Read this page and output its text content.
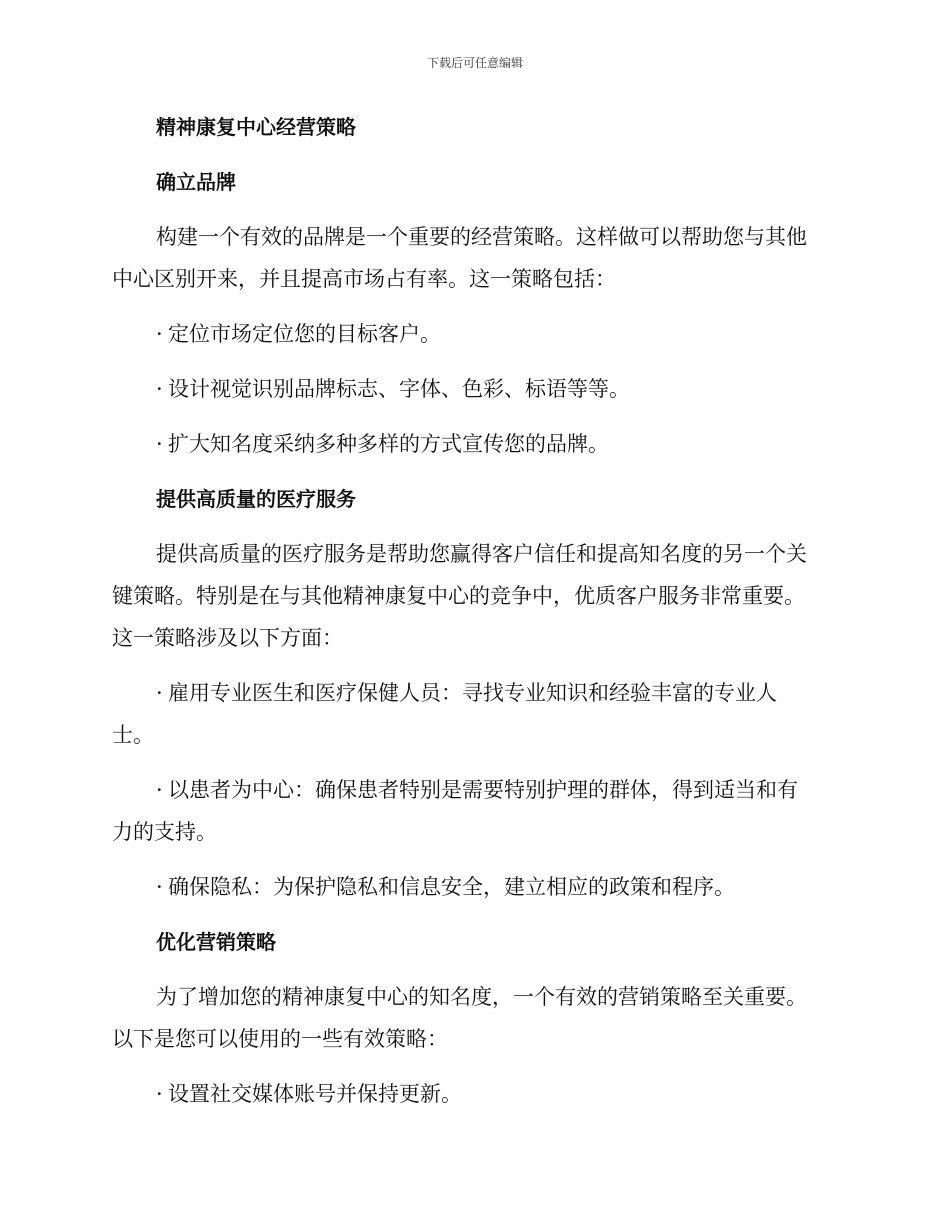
下载后可任意编辑
精神康复中心经营策略
确立品牌
构建一个有效的品牌是一个重要的经营策略。这样做可以帮助您与其他
中心区别开来，并且提高市场占有率。这一策略包括：
· 定位市场定位您的目标客户。
· 设计视觉识别品牌标志、字体、色彩、标语等等。
· 扩大知名度采纳多种多样的方式宣传您的品牌。
提供高质量的医疗服务
提供高质量的医疗服务是帮助您赢得客户信任和提高知名度的另一个关
键策略。特别是在与其他精神康复中心的竞争中，优质客户服务非常重要。
这一策略涉及以下方面：
· 雇用专业医生和医疗保健人员：寻找专业知识和经验丰富的专业人
士。
· 以患者为中心：确保患者特别是需要特别护理的群体，得到适当和有
力的支持。
· 确保隐私：为保护隐私和信息安全，建立相应的政策和程序。
优化营销策略
为了增加您的精神康复中心的知名度，一个有效的营销策略至关重要。
以下是您可以使用的一些有效策略：
· 设置社交媒体账号并保持更新。
